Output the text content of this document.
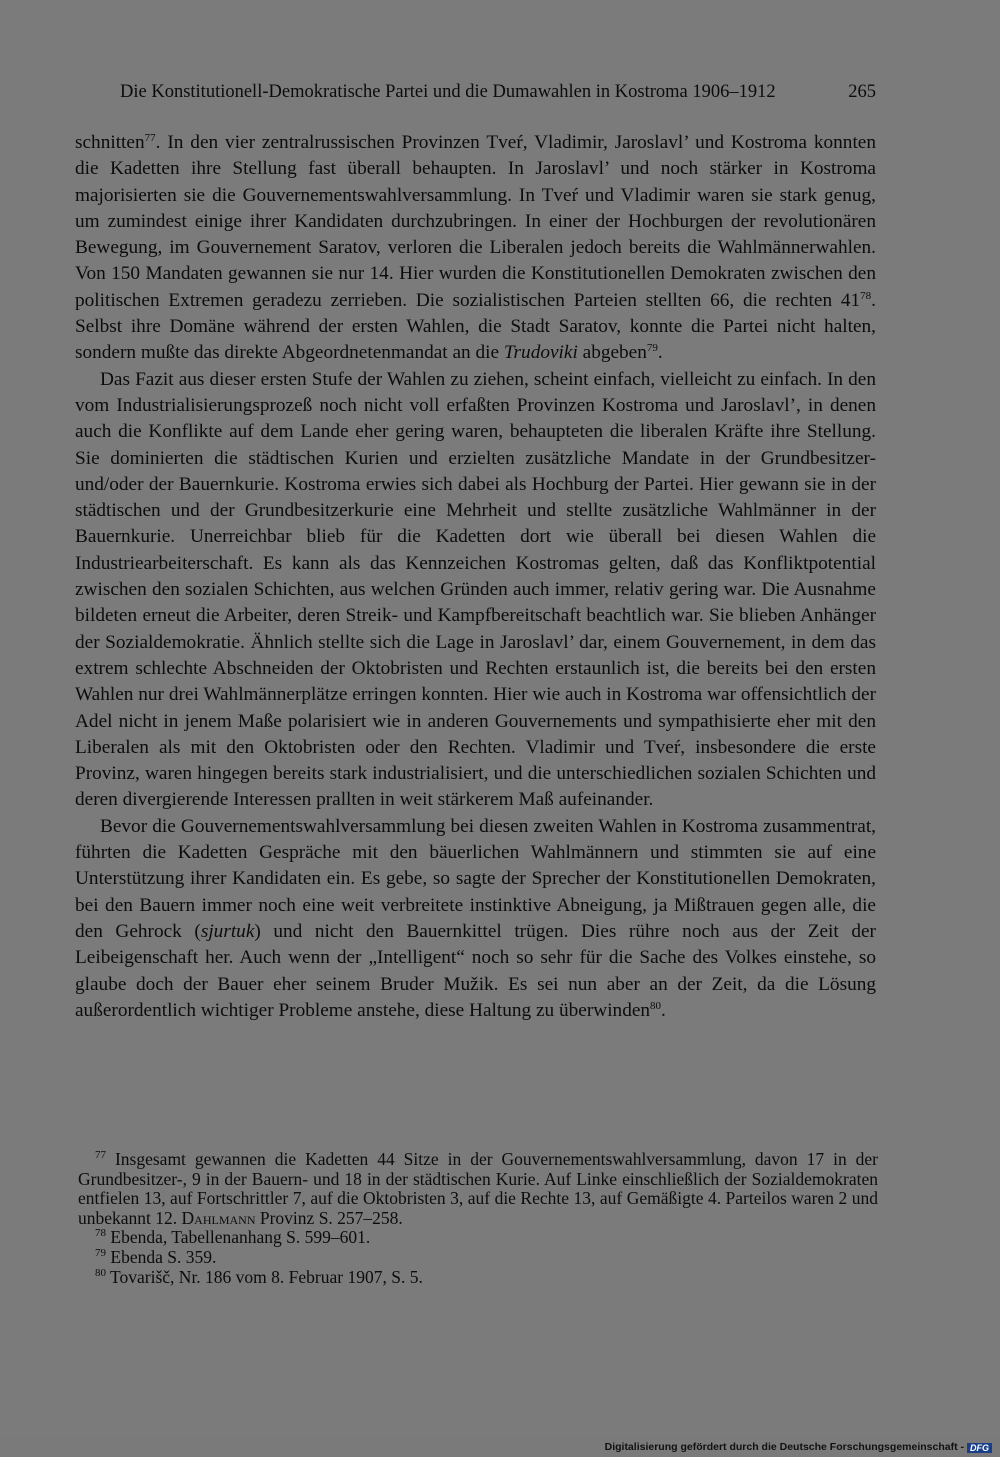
Die Konstitutionell-Demokratische Partei und die Dumawahlen in Kostroma 1906–1912	265

schnitten$^{77}$. In den vier zentralrussischen Provinzen Tveŕ, Vladimir, Jaroslavl’ und Kostroma konnten die Kadetten ihre Stellung fast überall behaupten. In Jaroslavl’ und noch stärker in Kostroma majorisierten sie die Gouvernementswahlversammlung. In Tveŕ und Vladimir waren sie stark genug, um zumindest einige ihrer Kandidaten durchzubringen. In einer der Hochburgen der revolutionären Bewegung, im Gouvernement Saratov, verloren die Liberalen jedoch bereits die Wahlmännerwahlen. Von 150 Mandaten gewannen sie nur 14. Hier wurden die Konstitutionellen Demokraten zwischen den politischen Extremen geradezu zerrieben. Die sozialistischen Parteien stellten 66, die rechten $41^{78}$. Selbst ihre Domäne während der ersten Wahlen, die Stadt Saratov, konnte die Partei nicht halten, sondern mußte das direkte Abgeordnetenmandat an die Trudoviki abgeben$^{79}$.

Das Fazit aus dieser ersten Stufe der Wahlen zu ziehen, scheint einfach, vielleicht zu einfach. In den vom Industrialisierungsprozeß noch nicht voll erfaßten Provinzen Kostroma und Jaroslavl’, in denen auch die Konflikte auf dem Lande eher gering waren, behaupteten die liberalen Kräfte ihre Stellung. Sie dominierten die städtischen Kurien und erzielten zusätzliche Mandate in der Grundbesitzer- und/oder der Bauernkurie. Kostroma erwies sich dabei als Hochburg der Partei. Hier gewann sie in der städtischen und der Grundbesitzerkurie eine Mehrheit und stellte zusätzliche Wahlmänner in der Bauernkurie. Unerreichbar blieb für die Kadetten dort wie überall bei diesen Wahlen die Industriearbeiterschaft. Es kann als das Kennzeichen Kostromas gelten, daß das Konfliktpotential zwischen den sozialen Schichten, aus welchen Gründen auch immer, relativ gering war. Die Ausnahme bildeten erneut die Arbeiter, deren Streik- und Kampfbereitschaft beachtlich war. Sie blieben Anhänger der Sozialdemokratie. Ähnlich stellte sich die Lage in Jaroslavl’ dar, einem Gouvernement, in dem das extrem schlechte Abschneiden der Oktobristen und Rechten erstaunlich ist, die bereits bei den ersten Wahlen nur drei Wahlmännerplätze erringen konnten. Hier wie auch in Kostroma war offensichtlich der Adel nicht in jenem Maße polarisiert wie in anderen Gouvernements und sympathisierte eher mit den Liberalen als mit den Oktobristen oder den Rechten. Vladimir und Tveŕ, insbesondere die erste Provinz, waren hingegen bereits stark industrialisiert, und die unterschiedlichen sozialen Schichten und deren divergierende Interessen prallten in weit stärkerem Maß aufeinander.

Bevor die Gouvernementswahlversammlung bei diesen zweiten Wahlen in Kostroma zusammentrat, führten die Kadetten Gespräche mit den bäuerlichen Wahlmännern und stimmten sie auf eine Unterstützung ihrer Kandidaten ein. Es gebe, so sagte der Sprecher der Konstitutionellen Demokraten, bei den Bauern immer noch eine weit verbreitete instinktive Abneigung, ja Mißtrauen gegen alle, die den Gehrock (sjurtuk) und nicht den Bauernkittel trügen. Dies rühre noch aus der Zeit der Leibeigenschaft her. Auch wenn der „Intelligent“ noch so sehr für die Sache des Volkes einstehe, so glaube doch der Bauer eher seinem Bruder Mužik. Es sei nun aber an der Zeit, da die Lösung außerordentlich wichtiger Probleme anstehe, diese Haltung zu überwinden$^{80}$.

$^{77}$ Insgesamt gewannen die Kadetten 44 Sitze in der Gouvernementswahlversammlung, davon 17 in der Grundbesitzer-, 9 in der Bauern- und 18 in der städtischen Kurie. Auf Linke einschließlich der Sozialdemokraten entfielen 13, auf Fortschrittler 7, auf die Oktobristen 3, auf die Rechte 13, auf Gemäßigte 4. Parteilos waren 2 und unbekannt 12. Dahlmann Provinz S. 257–258.

$^{78}$ Ebenda, Tabellenanhang S. 599–601.

$^{79}$ Ebenda S. 359.

$^{80}$ Tovarišč, Nr. 186 vom 8. Februar 1907, S. 5.

Digitalisierung gefördert durch die Deutsche Forschungsgemeinschaft - DFG
